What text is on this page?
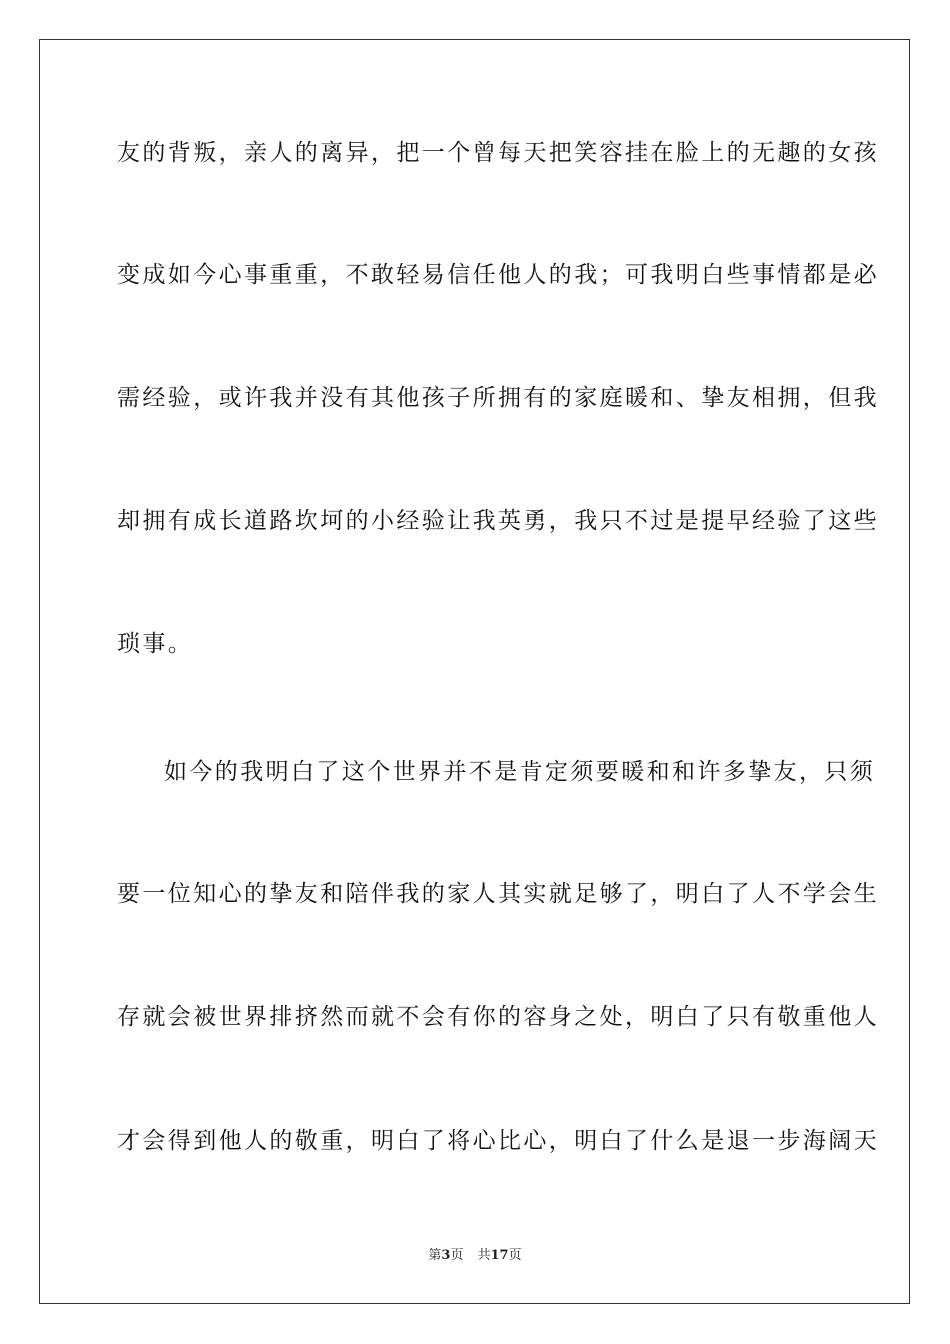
友的背叛，亲人的离异，把一个曾每天把笑容挂在脸上的无趣的女孩
变成如今心事重重，不敢轻易信任他人的我；可我明白些事情都是必
需经验，或许我并没有其他孩子所拥有的家庭暖和、挚友相拥，但我
却拥有成长道路坎坷的小经验让我英勇，我只不过是提早经验了这些
琐事。
如今的我明白了这个世界并不是肯定须要暖和和许多挚友，只须
要一位知心的挚友和陪伴我的家人其实就足够了，明白了人不学会生
存就会被世界排挤然而就不会有你的容身之处，明白了只有敬重他人
才会得到他人的敬重，明白了将心比心，明白了什么是退一步海阔天
第3页 共17页
